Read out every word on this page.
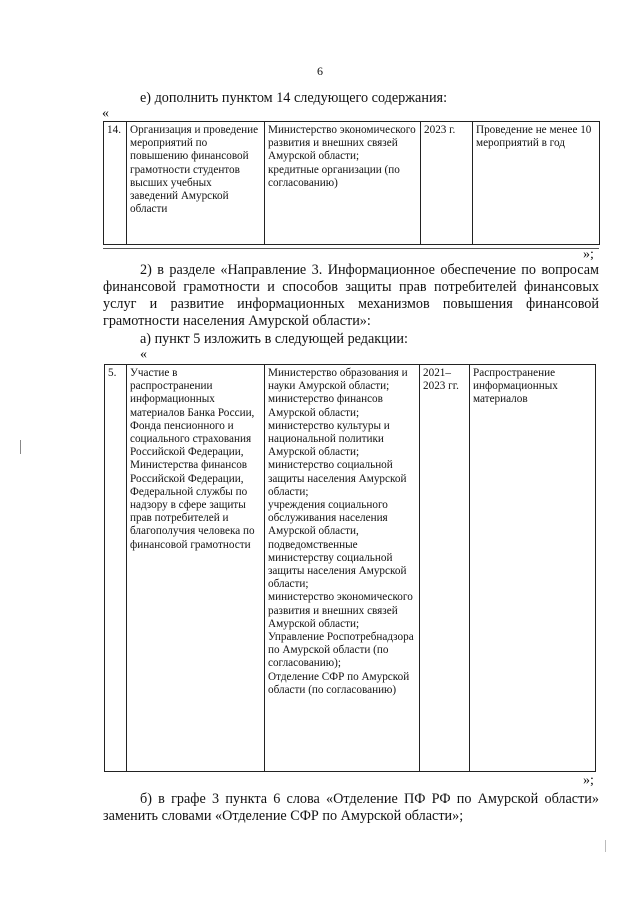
6

е) дополнить пунктом 14 следующего содержания:

«
14.	Организация и проведение мероприятий по повышению финансовой грамотности студентов высших учебных заведений Амурской области	Министерство экономического развития и внешних связей Амурской области;
кредитные организации (по согласованию)	2023 г.	Проведение не менее 10 мероприятий в год
»;

2) в разделе «Направление 3. Информационное обеспечение по вопросам финансовой грамотности и способов защиты прав потребителей финансовых услуг и развитие информационных механизмов повышения финансовой грамотности населения Амурской области»:

а) пункт 5 изложить в следующей редакции:

«
5.	Участие в распространении информационных материалов Банка России, Фонда пенсионного и социального страхования Российской Федерации, Министерства финансов Российской Федерации, Федеральной службы по надзору в сфере защиты прав потребителей и благополучия человека по финансовой грамотности	Министерство образования и науки Амурской области;
министерство финансов Амурской области;
министерство культуры и национальной политики Амурской области;
министерство социальной защиты населения Амурской области;
учреждения социального обслуживания населения Амурской области, подведомственные министерству социальной защиты населения Амурской области;
министерство экономического развития и внешних связей Амурской области;
Управление Роспотребнадзора по Амурской области (по согласованию);
Отделение СФР по Амурской области (по согласованию)	2021–2023 гг.	Распространение информационных материалов
»;

б) в графе 3 пункта 6 слова «Отделение ПФ РФ по Амурской области» заменить словами «Отделение СФР по Амурской области»;
